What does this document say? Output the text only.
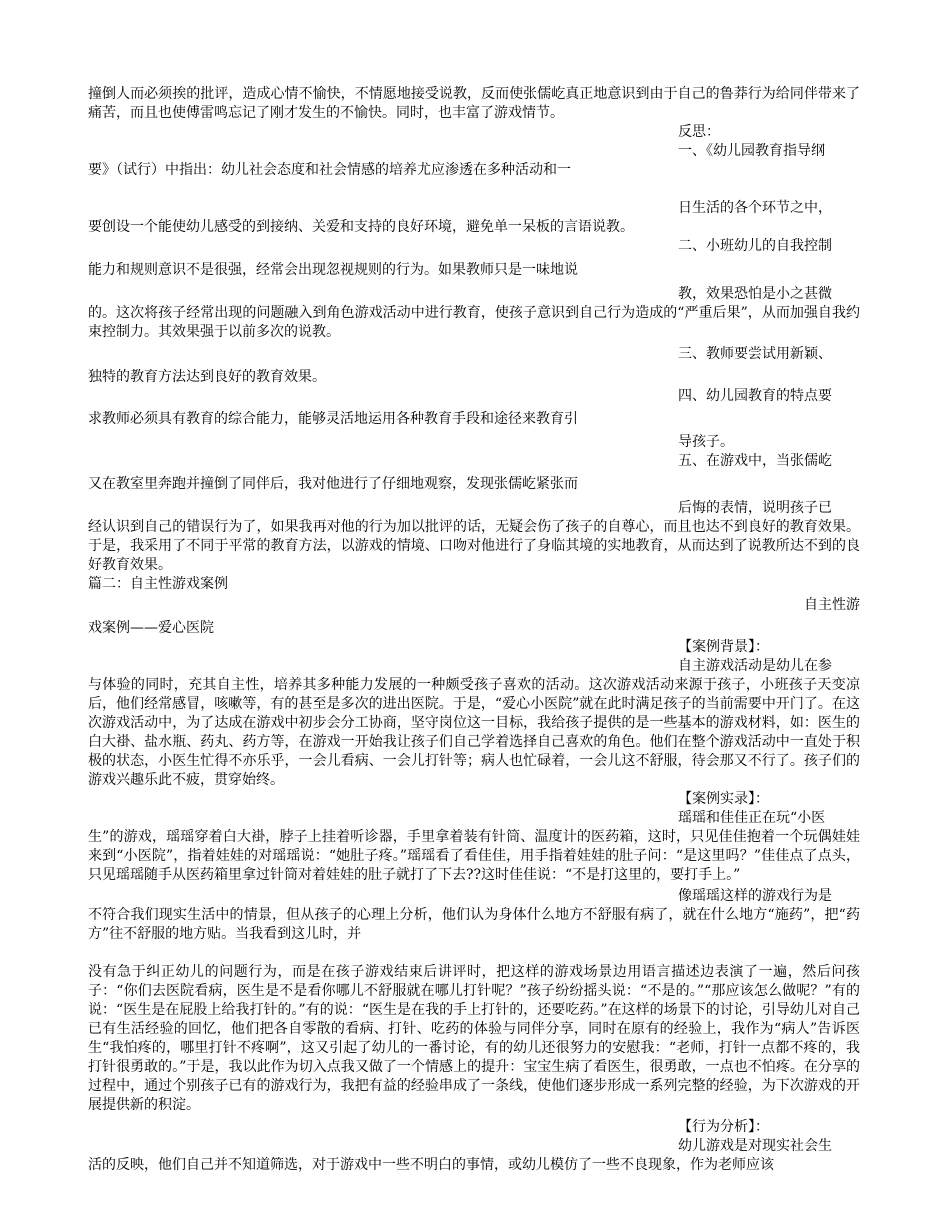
撞倒人而必须挨的批评，造成心情不愉快，不情愿地接受说教，反而使张儒屹真正地意识到由于自己的鲁莽行为给同伴带来了痛苦，而且也使傅雷鸣忘记了刚才发生的不愉快。同时，也丰富了游戏情节。

反思：

一、《幼儿园教育指导纲

要》（试行）中指出：幼儿社会态度和社会情感的培养尤应渗透在多种活动和一

日生活的各个环节之中，

要创设一个能使幼儿感受的到接纳、关爱和支持的良好环境，避免单一呆板的言语说教。

二、小班幼儿的自我控制

能力和规则意识不是很强，经常会出现忽视规则的行为。如果教师只是一味地说

教，效果恐怕是小之甚微

的。这次将孩子经常出现的问题融入到角色游戏活动中进行教育，使孩子意识到自己行为造成的“严重后果”，从而加强自我约束控制力。其效果强于以前多次的说教。

三、教师要尝试用新颖、

独特的教育方法达到良好的教育效果。

四、幼儿园教育的特点要

求教师必须具有教育的综合能力，能够灵活地运用各种教育手段和途径来教育引

导孩子。

五、在游戏中，当张儒屹

又在教室里奔跑并撞倒了同伴后，我对他进行了仔细地观察，发现张儒屹紧张而

后悔的表情，说明孩子已

经认识到自己的错误行为了，如果我再对他的行为加以批评的话，无疑会伤了孩子的自尊心，而且也达不到良好的教育效果。于是，我采用了不同于平常的教育方法，以游戏的情境、口吻对他进行了身临其境的实地教育，从而达到了说教所达不到的良好教育效果。

篇二：自主性游戏案例

自主性游

戏案例——爱心医院

【案例背景】：

自主游戏活动是幼儿在参

与体验的同时，充其自主性，培养其多种能力发展的一种颇受孩子喜欢的活动。这次游戏活动来源于孩子，小班孩子天变凉后，他们经常感冒，咳嗽等，有的甚至是多次的进出医院。于是，“爱心小医院”就在此时满足孩子的当前需要中开门了。在这次游戏活动中，为了达成在游戏中初步会分工协商，坚守岗位这一目标，我给孩子提供的是一些基本的游戏材料，如：医生的白大褂、盐水瓶、药丸、药方等，在游戏一开始我让孩子们自己学着选择自己喜欢的角色。他们在整个游戏活动中一直处于积极的状态，小医生忙得不亦乐乎，一会儿看病、一会儿打针等；病人也忙碌着，一会儿这不舒服，待会那又不行了。孩子们的游戏兴趣乐此不疲，贯穿始终。

【案例实录】：

瑶瑶和佳佳正在玩“小医

生”的游戏，瑶瑶穿着白大褂，脖子上挂着听诊器，手里拿着装有针筒、温度计的医药箱，这时，只见佳佳抱着一个玩偶娃娃来到“小医院”，指着娃娃的对瑶瑶说：“她肚子疼。”瑶瑶看了看佳佳，用手指着娃娃的肚子问：“是这里吗？”佳佳点了点头，只见瑶瑶随手从医药箱里拿过针筒对着娃娃的肚子就打了下去??这时佳佳说：“不是打这里的，要打手上。”

像瑶瑶这样的游戏行为是

不符合我们现实生活中的情景，但从孩子的心理上分析，他们认为身体什么地方不舒服有病了，就在什么地方“施药”，把“药方”往不舒服的地方贴。当我看到这儿时，并

没有急于纠正幼儿的问题行为，而是在孩子游戏结束后讲评时，把这样的游戏场景边用语言描述边表演了一遍，然后问孩子：“你们去医院看病，医生是不是看你哪儿不舒服就在哪儿打针呢？”孩子纷纷摇头说：“不是的。”“那应该怎么做呢？”有的说：“医生是在屁股上给我打针的。”有的说：“医生是在我的手上打针的，还要吃药。”在这样的场景下的讨论，引导幼儿对自己已有生活经验的回忆，他们把各自零散的看病、打针、吃药的体验与同伴分享，同时在原有的经验上，我作为“病人”告诉医生“我怕疼的，哪里打针不疼啊”，这又引起了幼儿的一番讨论，有的幼儿还很努力的安慰我：“老师，打针一点都不疼的，我打针很勇敢的。”于是，我以此作为切入点我又做了一个情感上的提升：宝宝生病了看医生，很勇敢，一点也不怕疼。在分享的过程中，通过个别孩子已有的游戏行为，我把有益的经验串成了一条线，使他们逐步形成一系列完整的经验，为下次游戏的开展提供新的积淀。

【行为分析】：

幼儿游戏是对现实社会生

活的反映，他们自己并不知道筛选，对于游戏中一些不明白的事情，或幼儿模仿了一些不良现象，作为老师应该
